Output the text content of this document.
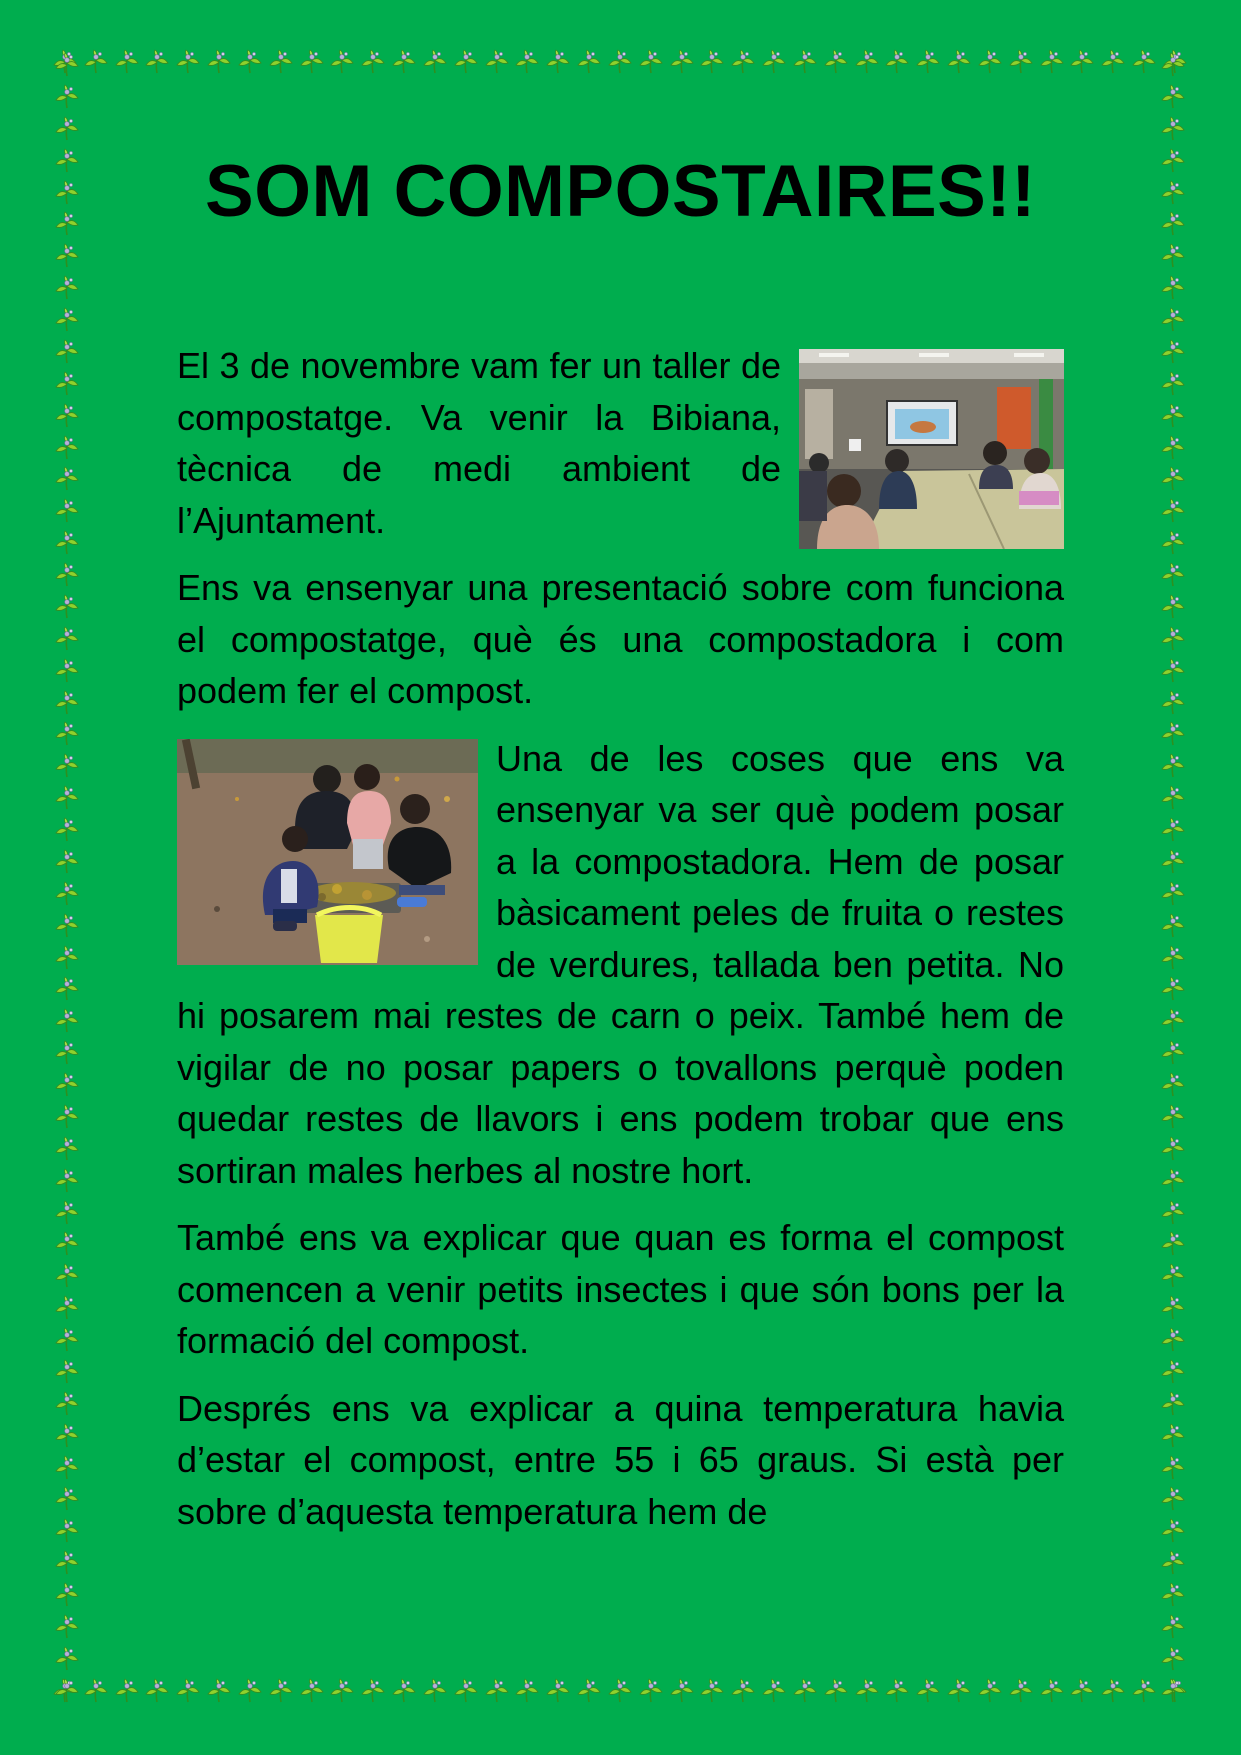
SOM COMPOSTAIRES!!

El 3 de novembre vam fer un taller de compostatge. Va venir la Bibiana, tècnica de medi ambient de l’Ajuntament.

Ens va ensenyar una presentació sobre com funciona el compostatge, què és una compostadora i com podem fer el compost.

Una de les coses que ens va ensenyar va ser què podem posar a la compostadora. Hem de posar bàsicament peles de fruita o restes de verdures, tallada ben petita. No hi posarem mai restes de carn o peix. També hem de vigilar de no posar papers o tovallons perquè poden quedar restes de llavors i ens podem trobar que ens sortiran males herbes al nostre hort.

També ens va explicar que quan es forma el compost comencen a venir petits insectes i que són bons per la formació del compost.

Després ens va explicar a quina temperatura havia d’estar el compost, entre 55 i 65 graus. Si està per sobre d’aquesta temperatura hem de
